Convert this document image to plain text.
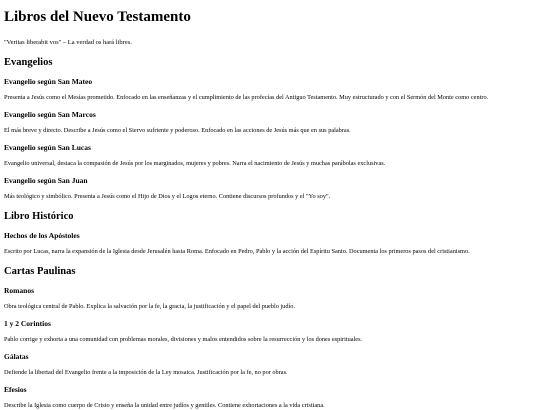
Libros del Nuevo Testamento

"Veritas liberabit vos" – La verdad os hará libres.

Evangelios
Evangelio según San Mateo

Presenta a Jesús como el Mesías prometido. Enfocado en las enseñanzas y el cumplimiento de las profecías del Antiguo Testamento. Muy estructurado y con el Sermón del Monte como centro.

Evangelio según San Marcos

El más breve y directo. Describe a Jesús como el Siervo sufriente y poderoso. Enfocado en las acciones de Jesús más que en sus palabras.

Evangelio según San Lucas

Evangelio universal, destaca la compasión de Jesús por los marginados, mujeres y pobres. Narra el nacimiento de Jesús y muchas parábolas exclusivas.

Evangelio según San Juan

Más teológico y simbólico. Presenta a Jesús como el Hijo de Dios y el Logos eterno. Contiene discursos profundos y el "Yo soy".

Libro Histórico
Hechos de los Apóstoles

Escrito por Lucas, narra la expansión de la Iglesia desde Jerusalén hasta Roma. Enfocado en Pedro, Pablo y la acción del Espíritu Santo. Documenta los primeros pasos del cristianismo.

Cartas Paulinas
Romanos

Obra teológica central de Pablo. Explica la salvación por la fe, la gracia, la justificación y el papel del pueblo judío.

1 y 2 Corintios

Pablo corrige y exhorta a una comunidad con problemas morales, divisiones y malos entendidos sobre la resurrección y los dones espirituales.

Gálatas

Defiende la libertad del Evangelio frente a la imposición de la Ley mosaica. Justificación por la fe, no por obras.

Efesios

Describe la Iglesia como cuerpo de Cristo y enseña la unidad entre judíos y gentiles. Contiene exhortaciones a la vida cristiana.
